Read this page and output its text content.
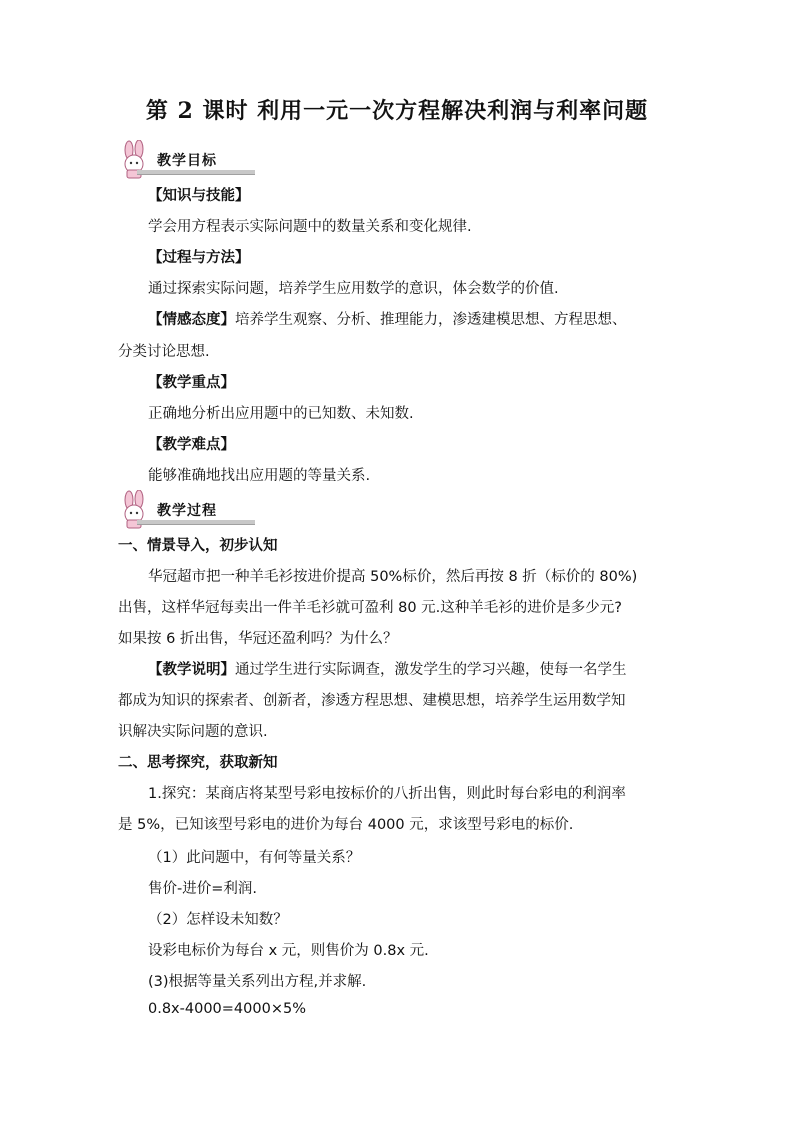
第 2 课时 利用一元一次方程解决利润与利率问题
教学目标
【知识与技能】
学会用方程表示实际问题中的数量关系和变化规律.
【过程与方法】
通过探索实际问题，培养学生应用数学的意识，体会数学的价值.
【情感态度】培养学生观察、分析、推理能力，渗透建模思想、方程思想、
分类讨论思想.
【教学重点】
正确地分析出应用题中的已知数、未知数.
【教学难点】
能够准确地找出应用题的等量关系.
教学过程
一、情景导入，初步认知
华冠超市把一种羊毛衫按进价提高 50%标价，然后再按 8 折（标价的 80%)
出售，这样华冠每卖出一件羊毛衫就可盈利 80 元.这种羊毛衫的进价是多少元?
如果按 6 折出售，华冠还盈利吗？为什么？
【教学说明】通过学生进行实际调查，激发学生的学习兴趣，使每一名学生
都成为知识的探索者、创新者，渗透方程思想、建模思想，培养学生运用数学知
识解决实际问题的意识.
二、思考探究，获取新知
1.探究：某商店将某型号彩电按标价的八折出售，则此时每台彩电的利润率
是 5%，已知该型号彩电的进价为每台 4000 元，求该型号彩电的标价.
（1）此问题中，有何等量关系？
售价-进价=利润.
（2）怎样设未知数？
设彩电标价为每台 x 元，则售价为 0.8x 元.
(3)根据等量关系列出方程,并求解.
0.8x-4000=4000×5%
